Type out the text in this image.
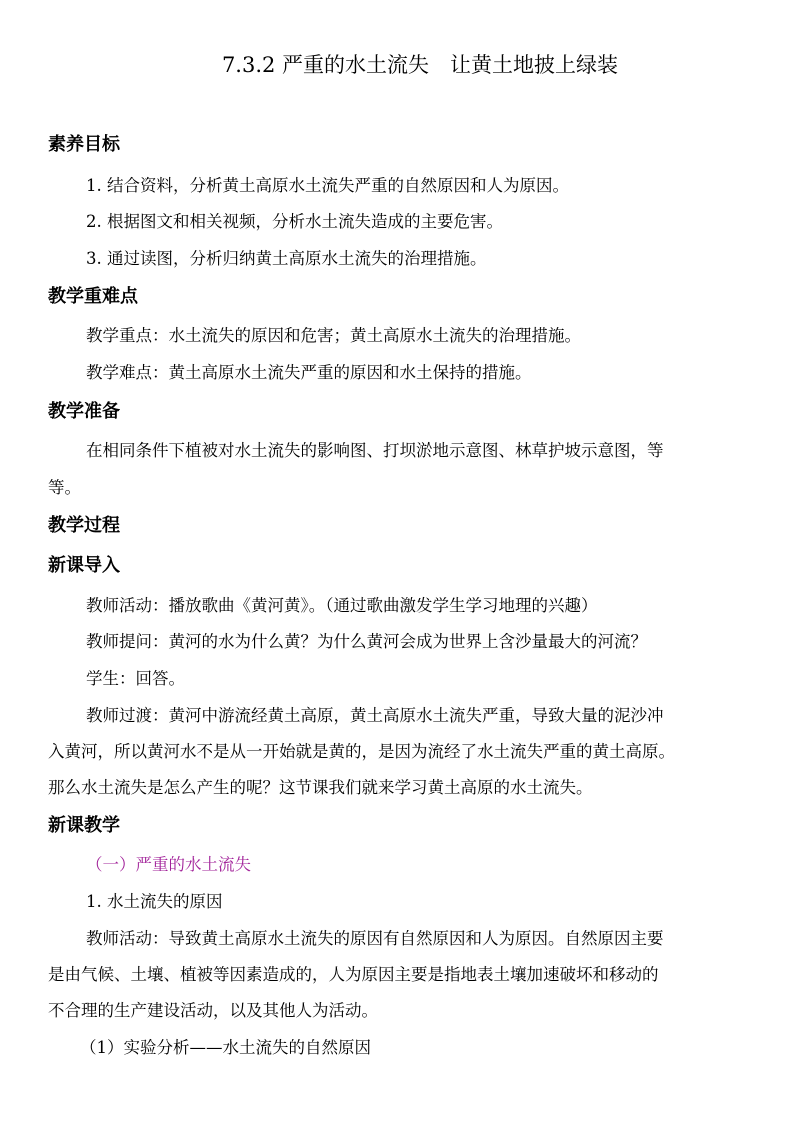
7.3.2 严重的水土流失　让黄土地披上绿装
素养目标
1. 结合资料，分析黄土高原水土流失严重的自然原因和人为原因。
2. 根据图文和相关视频，分析水土流失造成的主要危害。
3. 通过读图，分析归纳黄土高原水土流失的治理措施。
教学重难点
教学重点：水土流失的原因和危害；黄土高原水土流失的治理措施。
教学难点：黄土高原水土流失严重的原因和水土保持的措施。
教学准备
在相同条件下植被对水土流失的影响图、打坝淤地示意图、林草护坡示意图，等
等。
教学过程
新课导入
教师活动：播放歌曲《黄河黄》。（通过歌曲激发学生学习地理的兴趣）
教师提问：黄河的水为什么黄？为什么黄河会成为世界上含沙量最大的河流？
学生：回答。
教师过渡：黄河中游流经黄土高原，黄土高原水土流失严重，导致大量的泥沙冲
入黄河，所以黄河水不是从一开始就是黄的，是因为流经了水土流失严重的黄土高原。
那么水土流失是怎么产生的呢？这节课我们就来学习黄土高原的水土流失。
新课教学
（一）严重的水土流失
1. 水土流失的原因
教师活动：导致黄土高原水土流失的原因有自然原因和人为原因。自然原因主要
是由气候、土壤、植被等因素造成的，人为原因主要是指地表土壤加速破坏和移动的
不合理的生产建设活动，以及其他人为活动。
（1）实验分析——水土流失的自然原因
